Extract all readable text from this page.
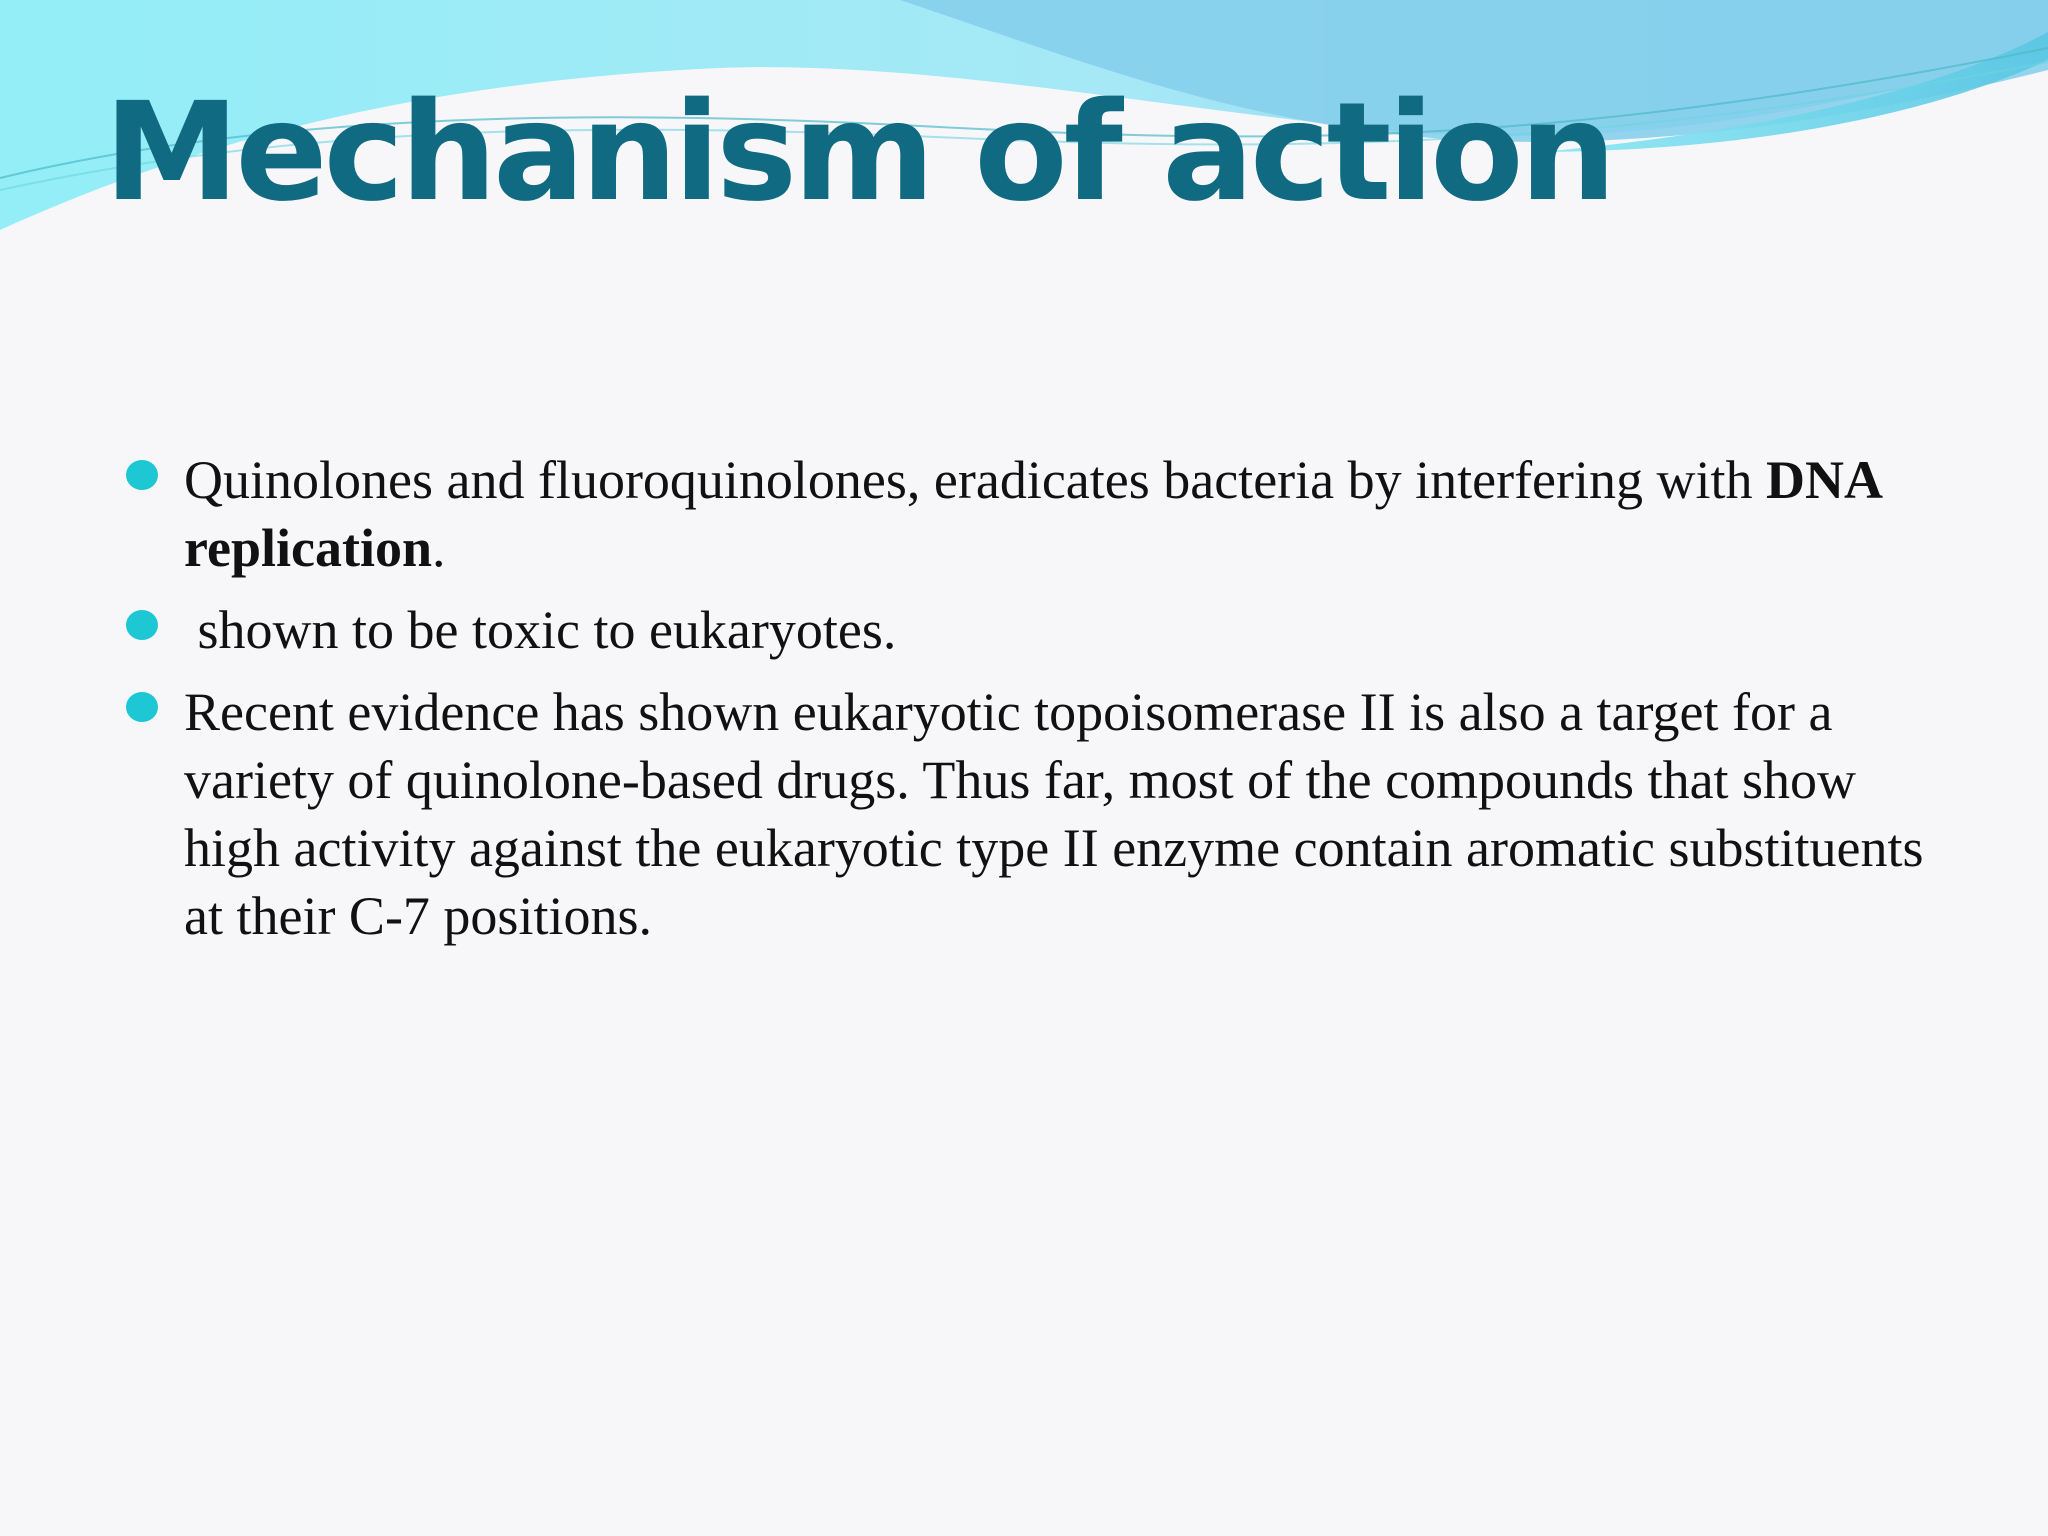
Mechanism of action
Quinolones and fluoroquinolones, eradicates bacteria by interfering with DNA replication.
shown to be toxic to eukaryotes.
Recent evidence has shown eukaryotic topoisomerase II is also a target for a variety of quinolone-based drugs. Thus far, most of the compounds that show high activity against the eukaryotic type II enzyme contain aromatic substituents at their C-7 positions.
